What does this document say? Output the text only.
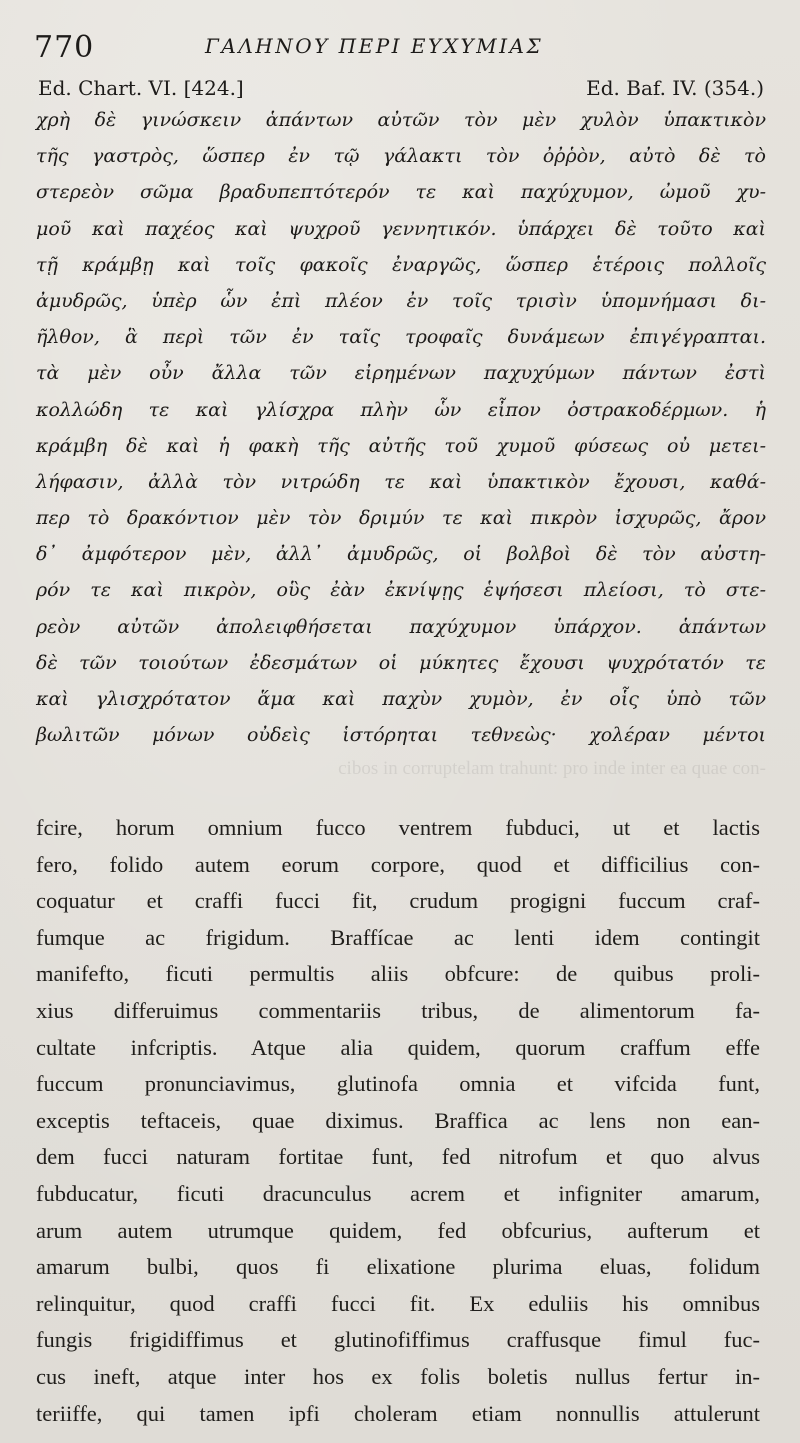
770	ΓΑΛΗΝΟΥ ΠΕΡΙ ΕΥΧΥΜΙΑΣ
Ed. Chart. VI. [424.]	Ed. Baf. IV. (354.)
χρὴ δὲ γινώσκειν ἁπάντων αὐτῶν τὸν μὲν χυλὸν ὑπακτικὸν
τῆς γαστρὸς, ὥσπερ ἐν τῷ γάλακτι τὸν ὀῤῥὸν, αὐτὸ δὲ τὸ
στερεὸν σῶμα βραδυπεπτότερόν τε καὶ παχύχυμον, ὠμοῦ χυ-
μοῦ καὶ παχέος καὶ ψυχροῦ γεννητικόν. ὑπάρχει δὲ τοῦτο καὶ
τῇ κράμβῃ καὶ τοῖς φακοῖς ἐναργῶς, ὥσπερ ἑτέροις πολλοῖς
ἀμυδρῶς, ὑπὲρ ὧν ἐπὶ πλέον ἐν τοῖς τρισὶν ὑπομνήμασι δι-
ῆλθον, ἃ περὶ τῶν ἐν ταῖς τροφαῖς δυνάμεων ἐπιγέγραπται.
τὰ μὲν οὖν ἄλλα τῶν εἰρημένων παχυχύμων πάντων ἐστὶ
κολλώδη τε καὶ γλίσχρα πλὴν ὧν εἶπον ὀστρακοδέρμων. ἡ
κράμβη δὲ καὶ ἡ φακὴ τῆς αὐτῆς τοῦ χυμοῦ φύσεως οὐ μετει-
λήφασιν, ἀλλὰ τὸν νιτρώδη τε καὶ ὑπακτικὸν ἔχουσι, καθά-
περ τὸ δρακόντιον μὲν τὸν δριμύν τε καὶ πικρὸν ἰσχυρῶς, ἄρον
δ᾽ ἀμφότερον μὲν, ἀλλ᾽ ἀμυδρῶς, οἱ βολβοὶ δὲ τὸν αὐστη-
ρόν τε καὶ πικρὸν, οὓς ἐὰν ἐκνίψῃς ἑψήσεσι πλείοσι, τὸ στε-
ρεὸν αὐτῶν ἀπολειφθήσεται παχύχυμον ὑπάρχον. ἁπάντων
δὲ τῶν τοιούτων ἐδεσμάτων οἱ μύκητες ἔχουσι ψυχρότατόν τε
καὶ γλισχρότατον ἅμα καὶ παχὺν χυμὸν, ἐν οἷς ὑπὸ τῶν
βωλιτῶν μόνων οὐδεὶς ἱστόρηται τεθνεὼς· χολέραν μέντοι
cibos in corruptelam trahunt: pro inde inter ea quae con-
fcire, horum omnium fucco ventrem fubduci, ut et lactis
fero, folido autem eorum corpore, quod et difficilius con-
coquatur et craffi fucci fit, crudum progigni fuccum craf-
fumque ac frigidum. Braffícae ac lenti idem contingit
manifefto, ficuti permultis aliis obfcure: de quibus proli-
xius differuimus commentariis tribus, de alimentorum fa-
cultate infcriptis. Atque alia quidem, quorum craffum effe
fuccum pronunciavimus, glutinofa omnia et vifcida funt,
exceptis teftaceis, quae diximus. Braffica ac lens non ean-
dem fucci naturam fortitae funt, fed nitrofum et quo alvus
fubducatur, ficuti dracunculus acrem et infigniter amarum,
arum autem utrumque quidem, fed obfcurius, aufterum et
amarum bulbi, quos fi elixatione plurima eluas, folidum
relinquitur, quod craffi fucci fit. Ex eduliis his omnibus
fungis frigidiffimus et glutinofiffimus craffusque fimul fuc-
cus ineft, atque inter hos ex folis boletis nullus fertur in-
teriiffe, qui tamen ipfi choleram etiam nonnullis attulerunt
